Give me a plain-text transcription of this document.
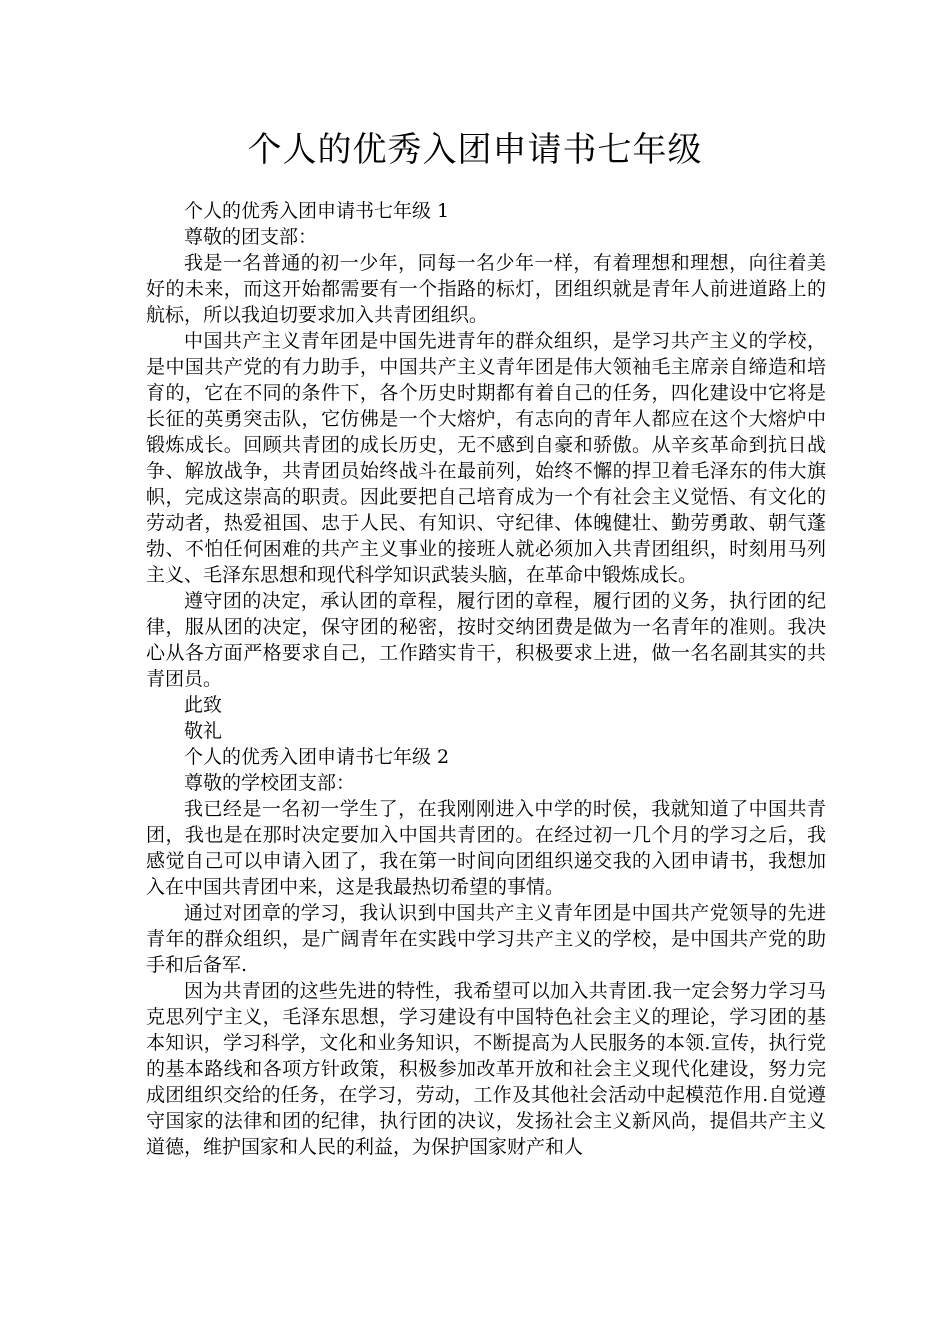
个人的优秀入团申请书七年级

个人的优秀入团申请书七年级 1

尊敬的团支部：

我是一名普通的初一少年，同每一名少年一样，有着理想和理想，向往着美好的未来，而这开始都需要有一个指路的标灯，团组织就是青年人前进道路上的航标，所以我迫切要求加入共青团组织。

中国共产主义青年团是中国先进青年的群众组织，是学习共产主义的学校，是中国共产党的有力助手，中国共产主义青年团是伟大领袖毛主席亲自缔造和培育的，它在不同的条件下，各个历史时期都有着自己的任务，四化建设中它将是长征的英勇突击队，它仿佛是一个大熔炉，有志向的青年人都应在这个大熔炉中锻炼成长。回顾共青团的成长历史，无不感到自豪和骄傲。从辛亥革命到抗日战争、解放战争，共青团员始终战斗在最前列，始终不懈的捍卫着毛泽东的伟大旗帜，完成这崇高的职责。因此要把自己培育成为一个有社会主义觉悟、有文化的劳动者，热爱祖国、忠于人民、有知识、守纪律、体魄健壮、勤劳勇敢、朝气蓬勃、不怕任何困难的共产主义事业的接班人就必须加入共青团组织，时刻用马列主义、毛泽东思想和现代科学知识武装头脑，在革命中锻炼成长。

遵守团的决定，承认团的章程，履行团的章程，履行团的义务，执行团的纪律，服从团的决定，保守团的秘密，按时交纳团费是做为一名青年的准则。我决心从各方面严格要求自己，工作踏实肯干，积极要求上进，做一名名副其实的共青团员。

此致

敬礼

个人的优秀入团申请书七年级 2

尊敬的学校团支部：

我已经是一名初一学生了，在我刚刚进入中学的时侯，我就知道了中国共青团，我也是在那时决定要加入中国共青团的。在经过初一几个月的学习之后，我感觉自己可以申请入团了，我在第一时间向团组织递交我的入团申请书，我想加入在中国共青团中来，这是我最热切希望的事情。

通过对团章的学习，我认识到中国共产主义青年团是中国共产党领导的先进青年的群众组织，是广阔青年在实践中学习共产主义的学校，是中国共产党的助手和后备军.

因为共青团的这些先进的特性，我希望可以加入共青团.我一定会努力学习马克思列宁主义，毛泽东思想，学习建设有中国特色社会主义的理论，学习团的基本知识，学习科学，文化和业务知识，不断提高为人民服务的本领.宣传，执行党的基本路线和各项方针政策，积极参加改革开放和社会主义现代化建设，努力完成团组织交给的任务，在学习，劳动，工作及其他社会活动中起模范作用.自觉遵守国家的法律和团的纪律，执行团的决议，发扬社会主义新风尚，提倡共产主义道德，维护国家和人民的利益，为保护国家财产和人
